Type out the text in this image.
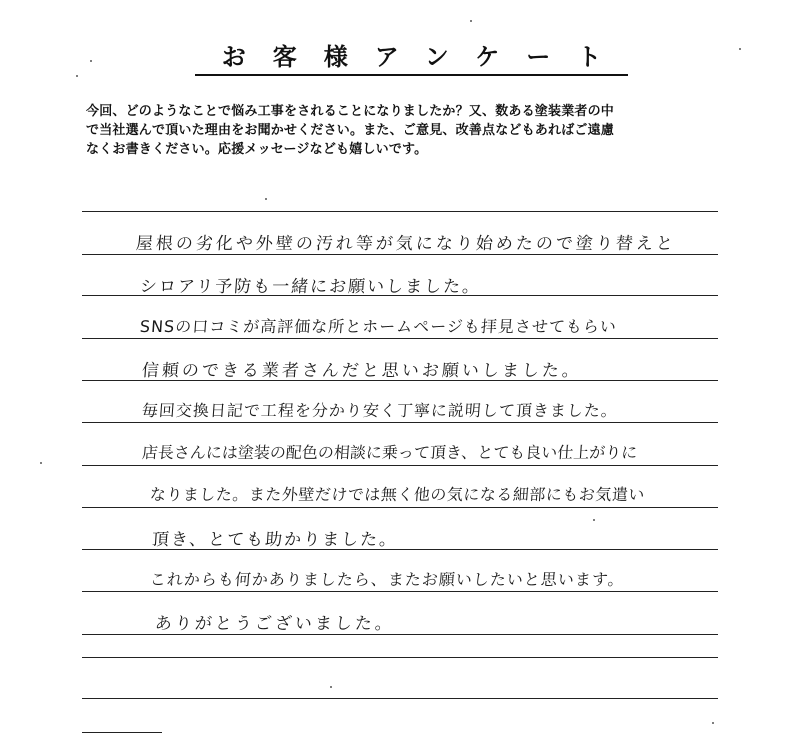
お客様アンケート
今回、どのようなことで悩み工事をされることになりましたか？又、数ある塗装業者の中
で当社選んで頂いた理由をお聞かせください。また、ご意見、改善点などもあればご遠慮
なくお書きください。応援メッセージなども嬉しいです。
屋根の劣化や外壁の汚れ等が気になり始めたので塗り替えと
シロアリ予防も一緒にお願いしました。
SNSの口コミが高評価な所とホームページも拝見させてもらい
信頼のできる業者さんだと思いお願いしました。
毎回交換日記で工程を分かり安く丁寧に説明して頂きました。
店長さんには塗装の配色の相談に乗って頂き、とても良い仕上がりに
なりました。また外壁だけでは無く他の気になる細部にもお気遣い
頂き、とても助かりました。
これからも何かありましたら、またお願いしたいと思います。
ありがとうございました。
